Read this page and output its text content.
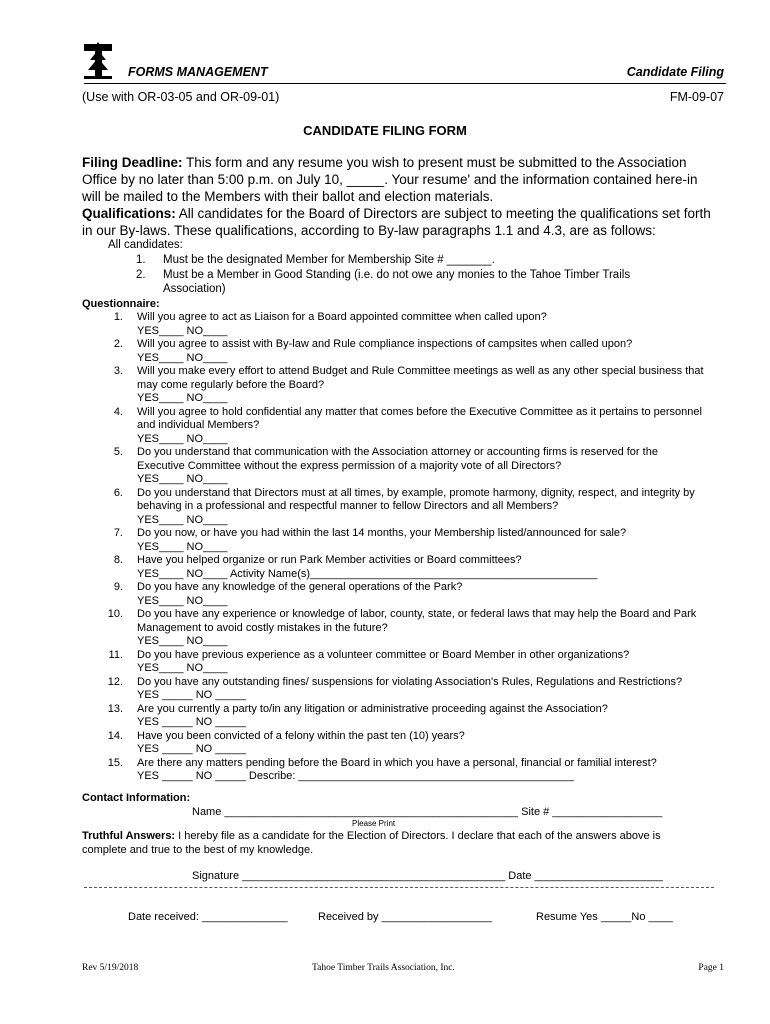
FORMS MANAGEMENT	Candidate Filing
(Use with OR-03-05 and OR-09-01)	FM-09-07
CANDIDATE FILING FORM
Filing Deadline: This form and any resume you wish to present must be submitted to the Association Office by no later than 5:00 p.m. on July 10, _____. Your resume' and the information contained here-in will be mailed to the Members with their ballot and election materials.
Qualifications: All candidates for the Board of Directors are subject to meeting the qualifications set forth in our By-laws. These qualifications, according to By-law paragraphs 1.1 and 4.3, are as follows:
All candidates:
1.	Must be the designated Member for Membership Site # _______.
2.	Must be a Member in Good Standing (i.e. do not owe any monies to the Tahoe Timber Trails
Association)
Questionnaire:
1. Will you agree to act as Liaison for a Board appointed committee when called upon?
YES____ NO____
2. Will you agree to assist with By-law and Rule compliance inspections of campsites when called upon?
YES____ NO____
3. Will you make every effort to attend Budget and Rule Committee meetings as well as any other special business that
may come regularly before the Board?
YES____ NO____
4. Will you agree to hold confidential any matter that comes before the Executive Committee as it pertains to personnel
and individual Members?
YES____ NO____
5. Do you understand that communication with the Association attorney or accounting firms is reserved for the
Executive Committee without the express permission of a majority vote of all Directors?
YES____ NO____
6. Do you understand that Directors must at all times, by example, promote harmony, dignity, respect, and integrity by
behaving in a professional and respectful manner to fellow Directors and all Members?
YES____ NO____
7. Do you now, or have you had within the last 14 months, your Membership listed/announced for sale?
YES____ NO____
8. Have you helped organize or run Park Member activities or Board committees?
YES____ NO____ Activity Name(s)_______________________________________________
9. Do you have any knowledge of the general operations of the Park?
YES____ NO____
10. Do you have any experience or knowledge of labor, county, state, or federal laws that may help the Board and Park
Management to avoid costly mistakes in the future?
YES____ NO____
11. Do you have previous experience as a volunteer committee or Board Member in other organizations?
YES____ NO____
12. Do you have any outstanding fines/ suspensions for violating Association's Rules, Regulations and Restrictions?
YES _____ NO _____
13. Are you currently a party to/in any litigation or administrative proceeding against the Association?
YES _____ NO _____
14. Have you been convicted of a felony within the past ten (10) years?
YES _____ NO _____
15. Are there any matters pending before the Board in which you have a personal, financial or familial interest?
YES _____ NO _____ Describe: _____________________________________________
Contact Information:
Name ________________________________________________ Site # __________________
Please Print
Truthful Answers: I hereby file as a candidate for the Election of Directors. I declare that each of the answers above is complete and true to the best of my knowledge.
Signature ___________________________________________ Date _____________________
Date received: ______________	Received by __________________	Resume Yes _____No ____
Rev 5/19/2018	Tahoe Timber Trails Association, Inc.	Page 1
